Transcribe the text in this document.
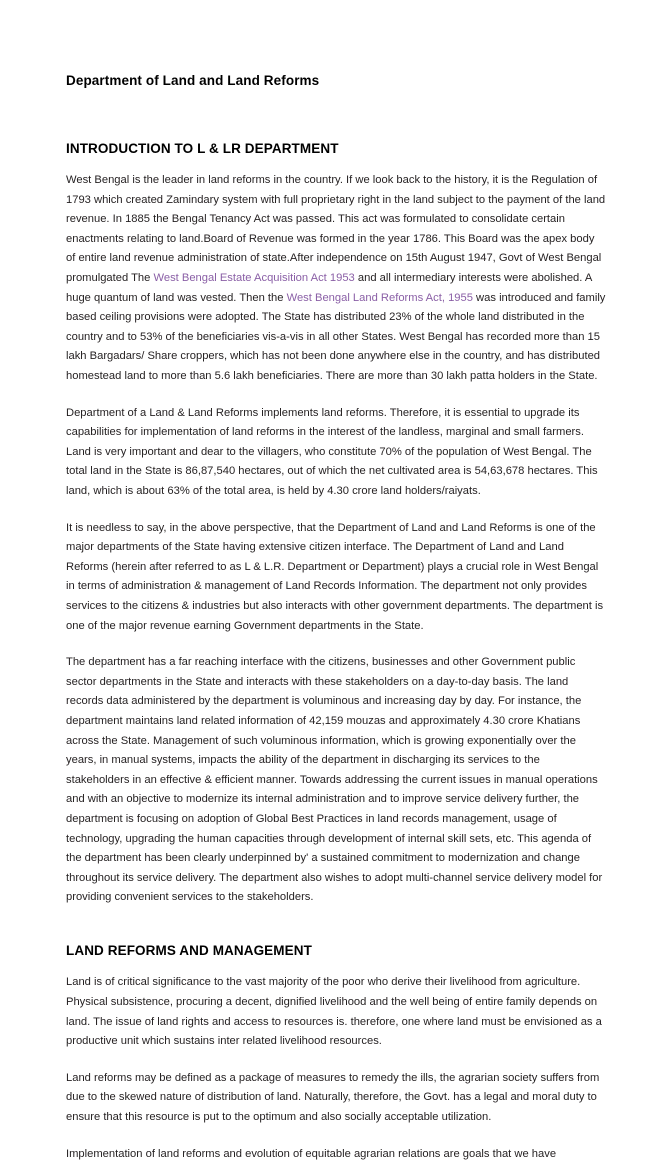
Department of Land and Land Reforms
INTRODUCTION TO L & LR DEPARTMENT

West Bengal is the leader in land reforms in the country. If we look back to the history, it is the Regulation of 1793 which created Zamindary system with full proprietary right in the land subject to the payment of the land revenue. In 1885 the Bengal Tenancy Act was passed. This act was formulated to consolidate certain enactments relating to land.Board of Revenue was formed in the year 1786. This Board was the apex body of entire land revenue administration of state.After independence on 15th August 1947, Govt of West Bengal promulgated The West Bengal Estate Acquisition Act 1953 and all intermediary interests were abolished. A huge quantum of land was vested. Then the West Bengal Land Reforms Act, 1955 was introduced and family based ceiling provisions were adopted. The State has distributed 23% of the whole land distributed in the country and to 53% of the beneficiaries vis-a-vis in all other States. West Bengal has recorded more than 15 lakh Bargadars/ Share croppers, which has not been done anywhere else in the country, and has distributed homestead land to more than 5.6 lakh beneficiaries. There are more than 30 lakh patta holders in the State.

Department of a Land & Land Reforms implements land reforms. Therefore, it is essential to upgrade its capabilities for implementation of land reforms in the interest of the landless, marginal and small farmers. Land is very important and dear to the villagers, who constitute 70% of the population of West Bengal. The total land in the State is 86,87,540 hectares, out of which the net cultivated area is 54,63,678 hectares. This land, which is about 63% of the total area, is held by 4.30 crore land holders/raiyats.

It is needless to say, in the above perspective, that the Department of Land and Land Reforms is one of the major departments of the State having extensive citizen interface. The Department of Land and Land Reforms (herein after referred to as L & L.R. Department or Department) plays a crucial role in West Bengal in terms of administration & management of Land Records Information. The department not only provides services to the citizens & industries but also interacts with other government departments. The department is one of the major revenue earning Government departments in the State.

The department has a far reaching interface with the citizens, businesses and other Government public sector departments in the State and interacts with these stakeholders on a day-to-day basis. The land records data administered by the department is voluminous and increasing day by day. For instance, the department maintains land related information of 42,159 mouzas and approximately 4.30 crore Khatians across the State. Management of such voluminous information, which is growing exponentially over the years, in manual systems, impacts the ability of the department in discharging its services to the stakeholders in an effective & efficient manner. Towards addressing the current issues in manual operations and with an objective to modernize its internal administration and to improve service delivery further, the department is focusing on adoption of Global Best Practices in land records management, usage of technology, upgrading the human capacities through development of internal skill sets, etc. This agenda of the department has been clearly underpinned by' a sustained commitment to modernization and change throughout its service delivery. The department also wishes to adopt multi-channel service delivery model for providing convenient services to the stakeholders.

LAND REFORMS AND MANAGEMENT

Land is of critical significance to the vast majority of the poor who derive their livelihood from agriculture. Physical subsistence, procuring a decent, dignified livelihood and the well being of entire family depends on land. The issue of land rights and access to resources is. therefore, one where land must be envisioned as a productive unit which sustains inter related livelihood resources.

Land reforms may be defined as a package of measures to remedy the ills, the agrarian society suffers from due to the skewed nature of distribution of land. Naturally, therefore, the Govt. has a legal and moral duty to ensure that this resource is put to the optimum and also socially acceptable utilization.

Implementation of land reforms and evolution of equitable agrarian relations are goals that we have
